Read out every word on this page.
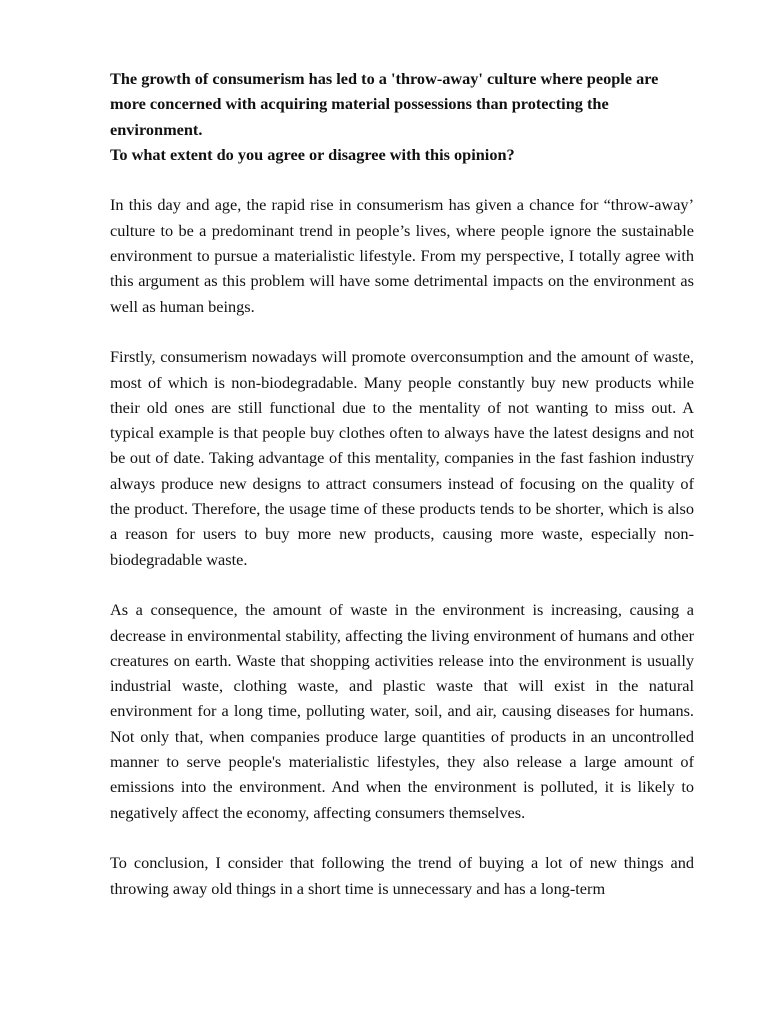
The growth of consumerism has led to a 'throw-away' culture where people are more concerned with acquiring material possessions than protecting the environment.

To what extent do you agree or disagree with this opinion?

In this day and age, the rapid rise in consumerism has given a chance for “throw-away’ culture to be a predominant trend in people’s lives, where people ignore the sustainable environment to pursue a materialistic lifestyle. From my perspective, I totally agree with this argument as this problem will have some detrimental impacts on the environment as well as human beings.

Firstly, consumerism nowadays will promote overconsumption and the amount of waste, most of which is non-biodegradable. Many people constantly buy new products while their old ones are still functional due to the mentality of not wanting to miss out. A typical example is that people buy clothes often to always have the latest designs and not be out of date. Taking advantage of this mentality, companies in the fast fashion industry always produce new designs to attract consumers instead of focusing on the quality of the product. Therefore, the usage time of these products tends to be shorter, which is also a reason for users to buy more new products, causing more waste, especially non-biodegradable waste.

As a consequence, the amount of waste in the environment is increasing, causing a decrease in environmental stability, affecting the living environment of humans and other creatures on earth. Waste that shopping activities release into the environment is usually industrial waste, clothing waste, and plastic waste that will exist in the natural environment for a long time, polluting water, soil, and air, causing diseases for humans. Not only that, when companies produce large quantities of products in an uncontrolled manner to serve people's materialistic lifestyles, they also release a large amount of emissions into the environment. And when the environment is polluted, it is likely to negatively affect the economy, affecting consumers themselves.

To conclusion, I consider that following the trend of buying a lot of new things and throwing away old things in a short time is unnecessary and has a long-term
